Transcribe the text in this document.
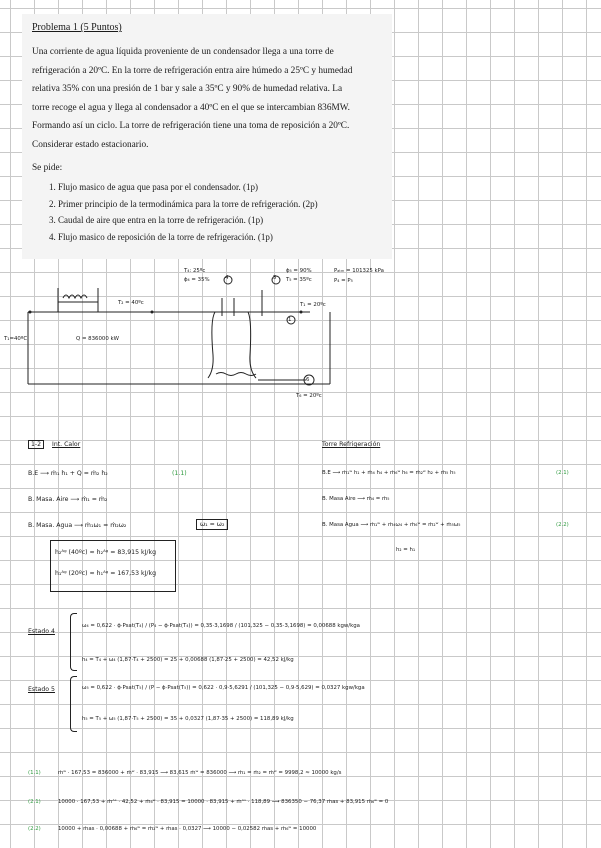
Problema 1 (5 Puntos)

Una corriente de agua líquida proveniente de un condensador llega a una torre de

refrigeración a 20ºC. En la torre de refrigeración entra aire húmedo a 25ºC y humedad

relativa 35% con una presión de 1 bar y sale a 35ºC y 90% de humedad relativa. La

torre recoge el agua y llega al condensador a 40ºC en el que se intercambian 836MW.

Formando así un ciclo. La torre de refrigeración tiene una toma de reposición a 20ºC.

Considerar estado estacionario.

Se pide:
1. Flujo masico de agua que pasa por el condensador. (1p)
2. Primer principio de la termodinámica para la torre de refrigeración. (2p)
3. Caudal de aire que entra en la torre de refrigeración. (1p)
4. Flujo masico de reposición de la torre de refrigeración. (1p)
T₄: 25ºc
ϕ₄ = 35%	4	5
ϕ₅ = 90%
T₅ = 35ºc
Pₐₜₘ = 101325 kPa
P₄ = P₅
T₂ = 40ºc	T₁ = 20ºc
1
T₁=40ºC	Q = 836000 kW
6
T₆ = 20ºc
1-2	Int. Calor
B.E ⟶ ṁ₁ h₁ + Q = ṁ₂ h₂	(1.1)
B. Masa. Aire ⟶ ṁ₁ = ṁ₂
B. Masa. Agua ⟶ ṁ₁ω₁ = ṁ₂ω₂	ω₁ = ω₂
h₂ᴬᵍ (40ºc) ≈ h₂ᴬᵍ = 83,915 kJ/kg
h₁ᴬᵍ (20ºc) ≈ h₁ᴬᵍ = 167,53 kJ/kg
Torre Refrigeración
B.E ⟶ ṁ₁ʷ h₁ + ṁ₄ h₄ + ṁ₆ʷ h₆ = ṁ₂ʷ h₂ + ṁ₅ h₅	(2.1)
B. Masa Aire ⟶ ṁ₄ = ṁ₅
B. Masa Agua ⟶ ṁ₁ʷ + ṁ₄ω₄ + ṁ₆ʷ = ṁ₂ʷ + ṁ₅ω₅	(2.2)
h₂ = h₁
Estado 4
ω₄ = 0,622 · ϕ·Psat(T₄) / (P₄ − ϕ·Psat(T₄)) = 0,35·3,1698 / (101,325 − 0,35·3,1698) = 0,00688 kgw/kga
h₄ = T₄ + ω₄ (1,87·T₄ + 2500) = 25 + 0,00688 (1,87·25 + 2500) = 42,52 kJ/kg
Estado 5	ω₅ = 0,622 · ϕ·Psat(T₅) / (P − ϕ·Psat(T₅)) = 0,622 · 0,9·5,6291 / (101,325 − 0,9·5,629) = 0,0327 kgw/kga
h₅ = T₅ + ω₅ (1,87·T₅ + 2500) = 35 + 0,0327 (1,87·35 + 2500) = 118,89 kJ/kg
(1.1)	ṁʷ · 167,53 = 836000 + ṁʷ · 83,915 ⟶ 83,615 ṁʷ = 836000 ⟶ ṁ₁ = ṁ₂ = ṁʷ = 9998,2 ≈ 10000 kg/s
(2.1)	10000 · 167,53 + ṁᴬˢ · 42,52 + ṁ₆ʷ · 83,915 = 10000 · 83,915 + ṁᴬˢ · 118,89 ⟶ 836350 − 76,37 ṁas + 83,915 ṁ₆ʷ = 0
(2.2)	10000 + ṁas · 0,00688 + ṁ₆ʷ = ṁ₂ʷ + ṁas · 0,0327 ⟶ 10000 − 0,02582 ṁas + ṁ₆ʷ = 10000
